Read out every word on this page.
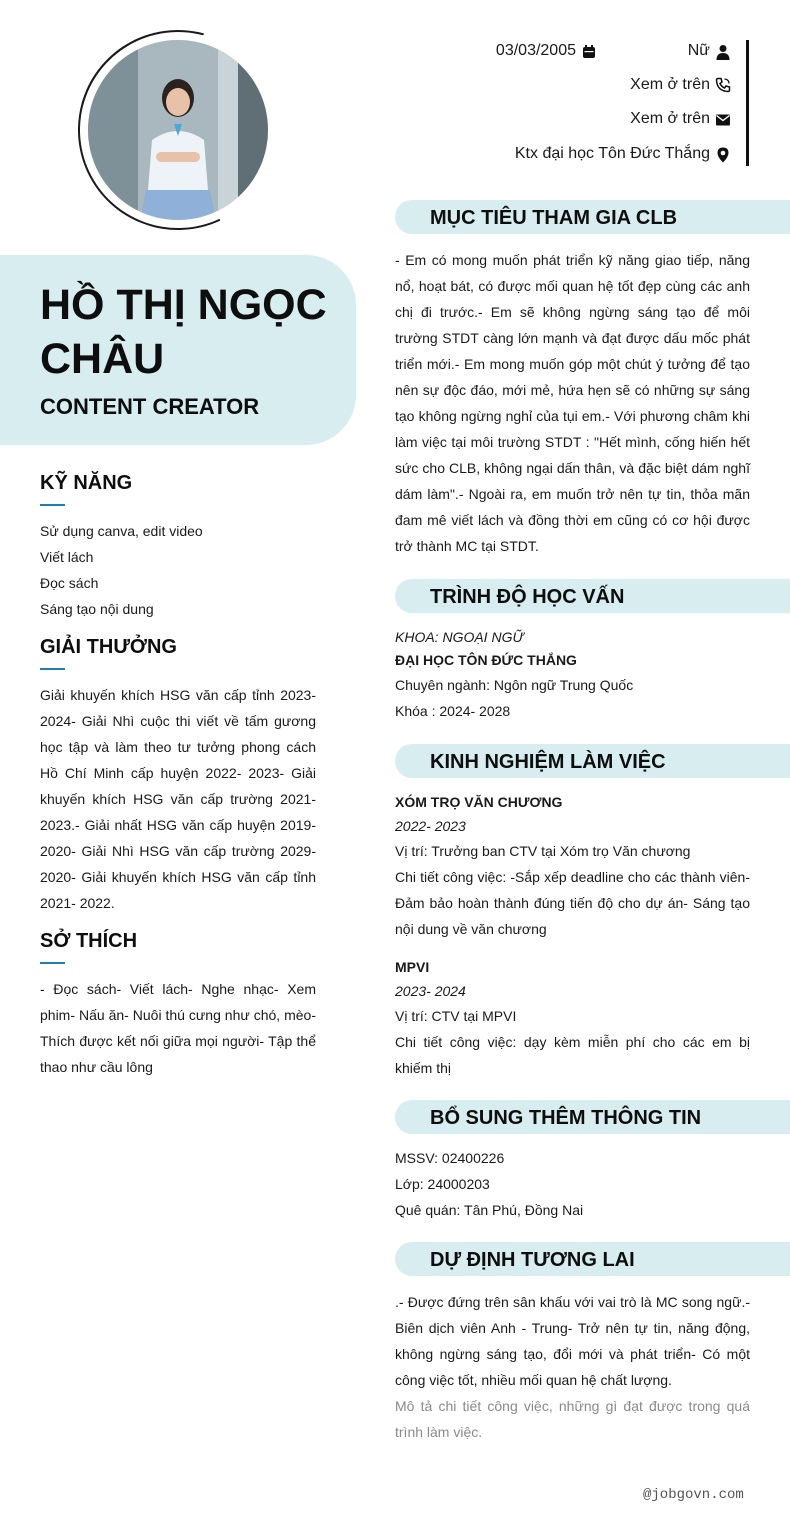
HỒ THỊ NGỌC CHÂU
CONTENT CREATOR
03/03/2005	Nữ
Xem ở trên
Xem ở trên
Ktx đại học Tôn Đức Thắng
KỸ NĂNG
Sử dụng canva, edit video
Viết lách
Đọc sách
Sáng tạo nội dung
GIẢI THƯỞNG
Giải khuyến khích HSG văn cấp tỉnh 2023- 2024- Giải Nhì cuộc thi viết về tấm gương học tập và làm theo tư tưởng phong cách Hồ Chí Minh cấp huyện 2022- 2023- Giải khuyến khích HSG văn cấp trường 2021- 2023.- Giải nhất HSG văn cấp huyện 2019- 2020- Giải Nhì HSG văn cấp trường 2029- 2020- Giải khuyến khích HSG văn cấp tỉnh 2021- 2022.
SỞ THÍCH
- Đọc sách- Viết lách- Nghe nhạc- Xem phim- Nấu ăn- Nuôi thú cưng như chó, mèo- Thích được kết nối giữa mọi người- Tập thể thao như cầu lông
MỤC TIÊU THAM GIA CLB
- Em có mong muốn phát triển kỹ năng giao tiếp, năng nổ, hoạt bát, có được mối quan hệ tốt đẹp cùng các anh chị đi trước.- Em sẽ không ngừng sáng tạo để môi trường STDT càng lớn mạnh và đạt được dấu mốc phát triển mới.- Em mong muốn góp một chút ý tưởng để tạo nên sự độc đáo, mới mẻ, hứa hẹn sẽ có những sự sáng tạo không ngừng nghỉ của tụi em.- Với phương châm khi làm việc tại môi trường STDT : "Hết mình, cống hiến hết sức cho CLB, không ngại dấn thân, và đặc biệt dám nghĩ dám làm".- Ngoài ra, em muốn trở nên tự tin, thỏa mãn đam mê viết lách và đồng thời em cũng có cơ hội được trở thành MC tại STDT.
TRÌNH ĐỘ HỌC VẤN
KHOA: NGOẠI NGỮ
ĐẠI HỌC TÔN ĐỨC THẮNG
Chuyên ngành: Ngôn ngữ Trung Quốc
Khóa : 2024- 2028
KINH NGHIỆM LÀM VIỆC
XÓM TRỌ VĂN CHƯƠNG
2022- 2023
Vị trí: Trưởng ban CTV tại Xóm trọ Văn chương
Chi tiết công việc: -Sắp xếp deadline cho các thành viên- Đảm bảo hoàn thành đúng tiến độ cho dự án- Sáng tạo nội dung về văn chương
MPVI
2023- 2024
Vị trí: CTV tại MPVI
Chi tiết công việc: dạy kèm miễn phí cho các em bị khiếm thị
BỔ SUNG THÊM THÔNG TIN
MSSV: 02400226
Lớp: 24000203
Quê quán: Tân Phú, Đồng Nai
DỰ ĐỊNH TƯƠNG LAI
.- Được đứng trên sân khấu với vai trò là MC song ngữ.- Biên dịch viên Anh - Trung- Trở nên tự tin, năng động, không ngừng sáng tạo, đổi mới và phát triển- Có một công việc tốt, nhiều mối quan hệ chất lượng.
Mô tả chi tiết công việc, những gì đạt được trong quá trình làm việc.
@jobgovn.com
